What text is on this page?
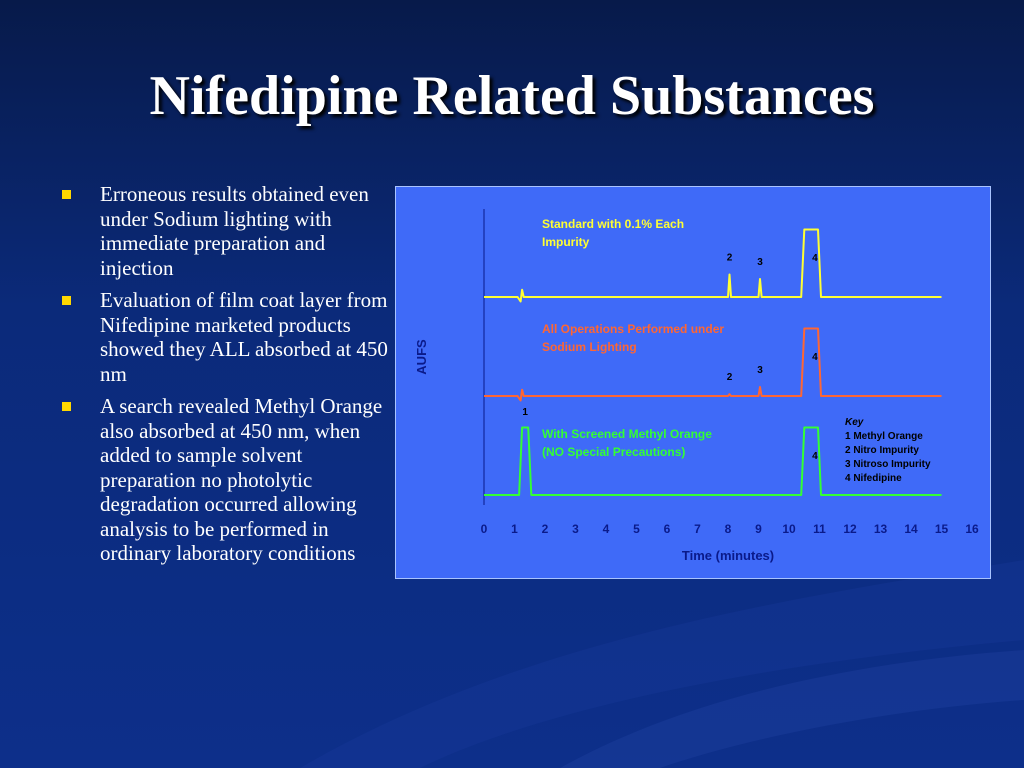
Nifedipine Related Substances
Erroneous results obtained even under Sodium lighting with immediate preparation and injection
Evaluation of film coat layer from Nifedipine marketed products showed they ALL absorbed at 450 nm
A search revealed Methyl Orange also absorbed at 450 nm, when added to sample solvent preparation no photolytic degradation occurred allowing analysis to be performed in ordinary laboratory conditions
0 1 2 3 4 5 6 7 8 9 10 11 12 13 14 15 16
Time (minutes)
AUFS
Standard with 0.1% Each
Impurity
2 3	4
All Operations Performed under
Sodium Lighting
2
3
4
With Screened Methyl Orange
(NO Special Precautions)
1
4
Key
1 Methyl Orange
2 Nitro Impurity
3 Nitroso Impurity
4 Nifedipine
